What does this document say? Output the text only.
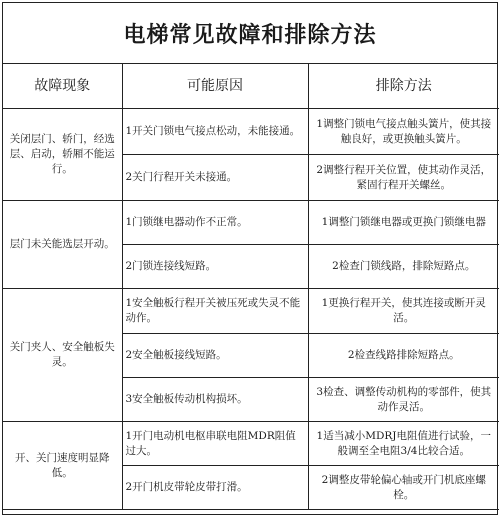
电梯常见故障和排除方法
故障现象	可能原因	排除方法
关闭层门、轿门，经选层、启动，轿厢不能运行。	1开关门锁电气接点松动，未能接通。	1调整门锁电气接点触头簧片，使其接触良好，或更换触头簧片。
	2关门行程开关未接通。	2调整行程开关位置，使其动作灵活，紧固行程开关螺丝。
层门未关能选层开动。	1门锁继电器动作不正常。	1调整门锁继电器或更换门锁继电器
	2门锁连接线短路。	2检查门锁线路，排除短路点。
关门夹人、安全触板失灵。	1安全触板行程开关被压死或失灵不能动作。	1更换行程开关，使其连接或断开灵活。
	2安全触板接线短路。	2检查线路排除短路点。
	3安全触板传动机构损坏。	3检查、调整传动机构的零部件，使其动作灵活。
开、关门速度明显降低。	1开门电动机电枢串联电阻MDR阻值过大。	1适当减小MDRJ电阻值进行试验，一般调至全电阻3/4比较合适。
	2开门机皮带轮皮带打滑。	2调整皮带轮偏心轴或开门机底座螺栓。
